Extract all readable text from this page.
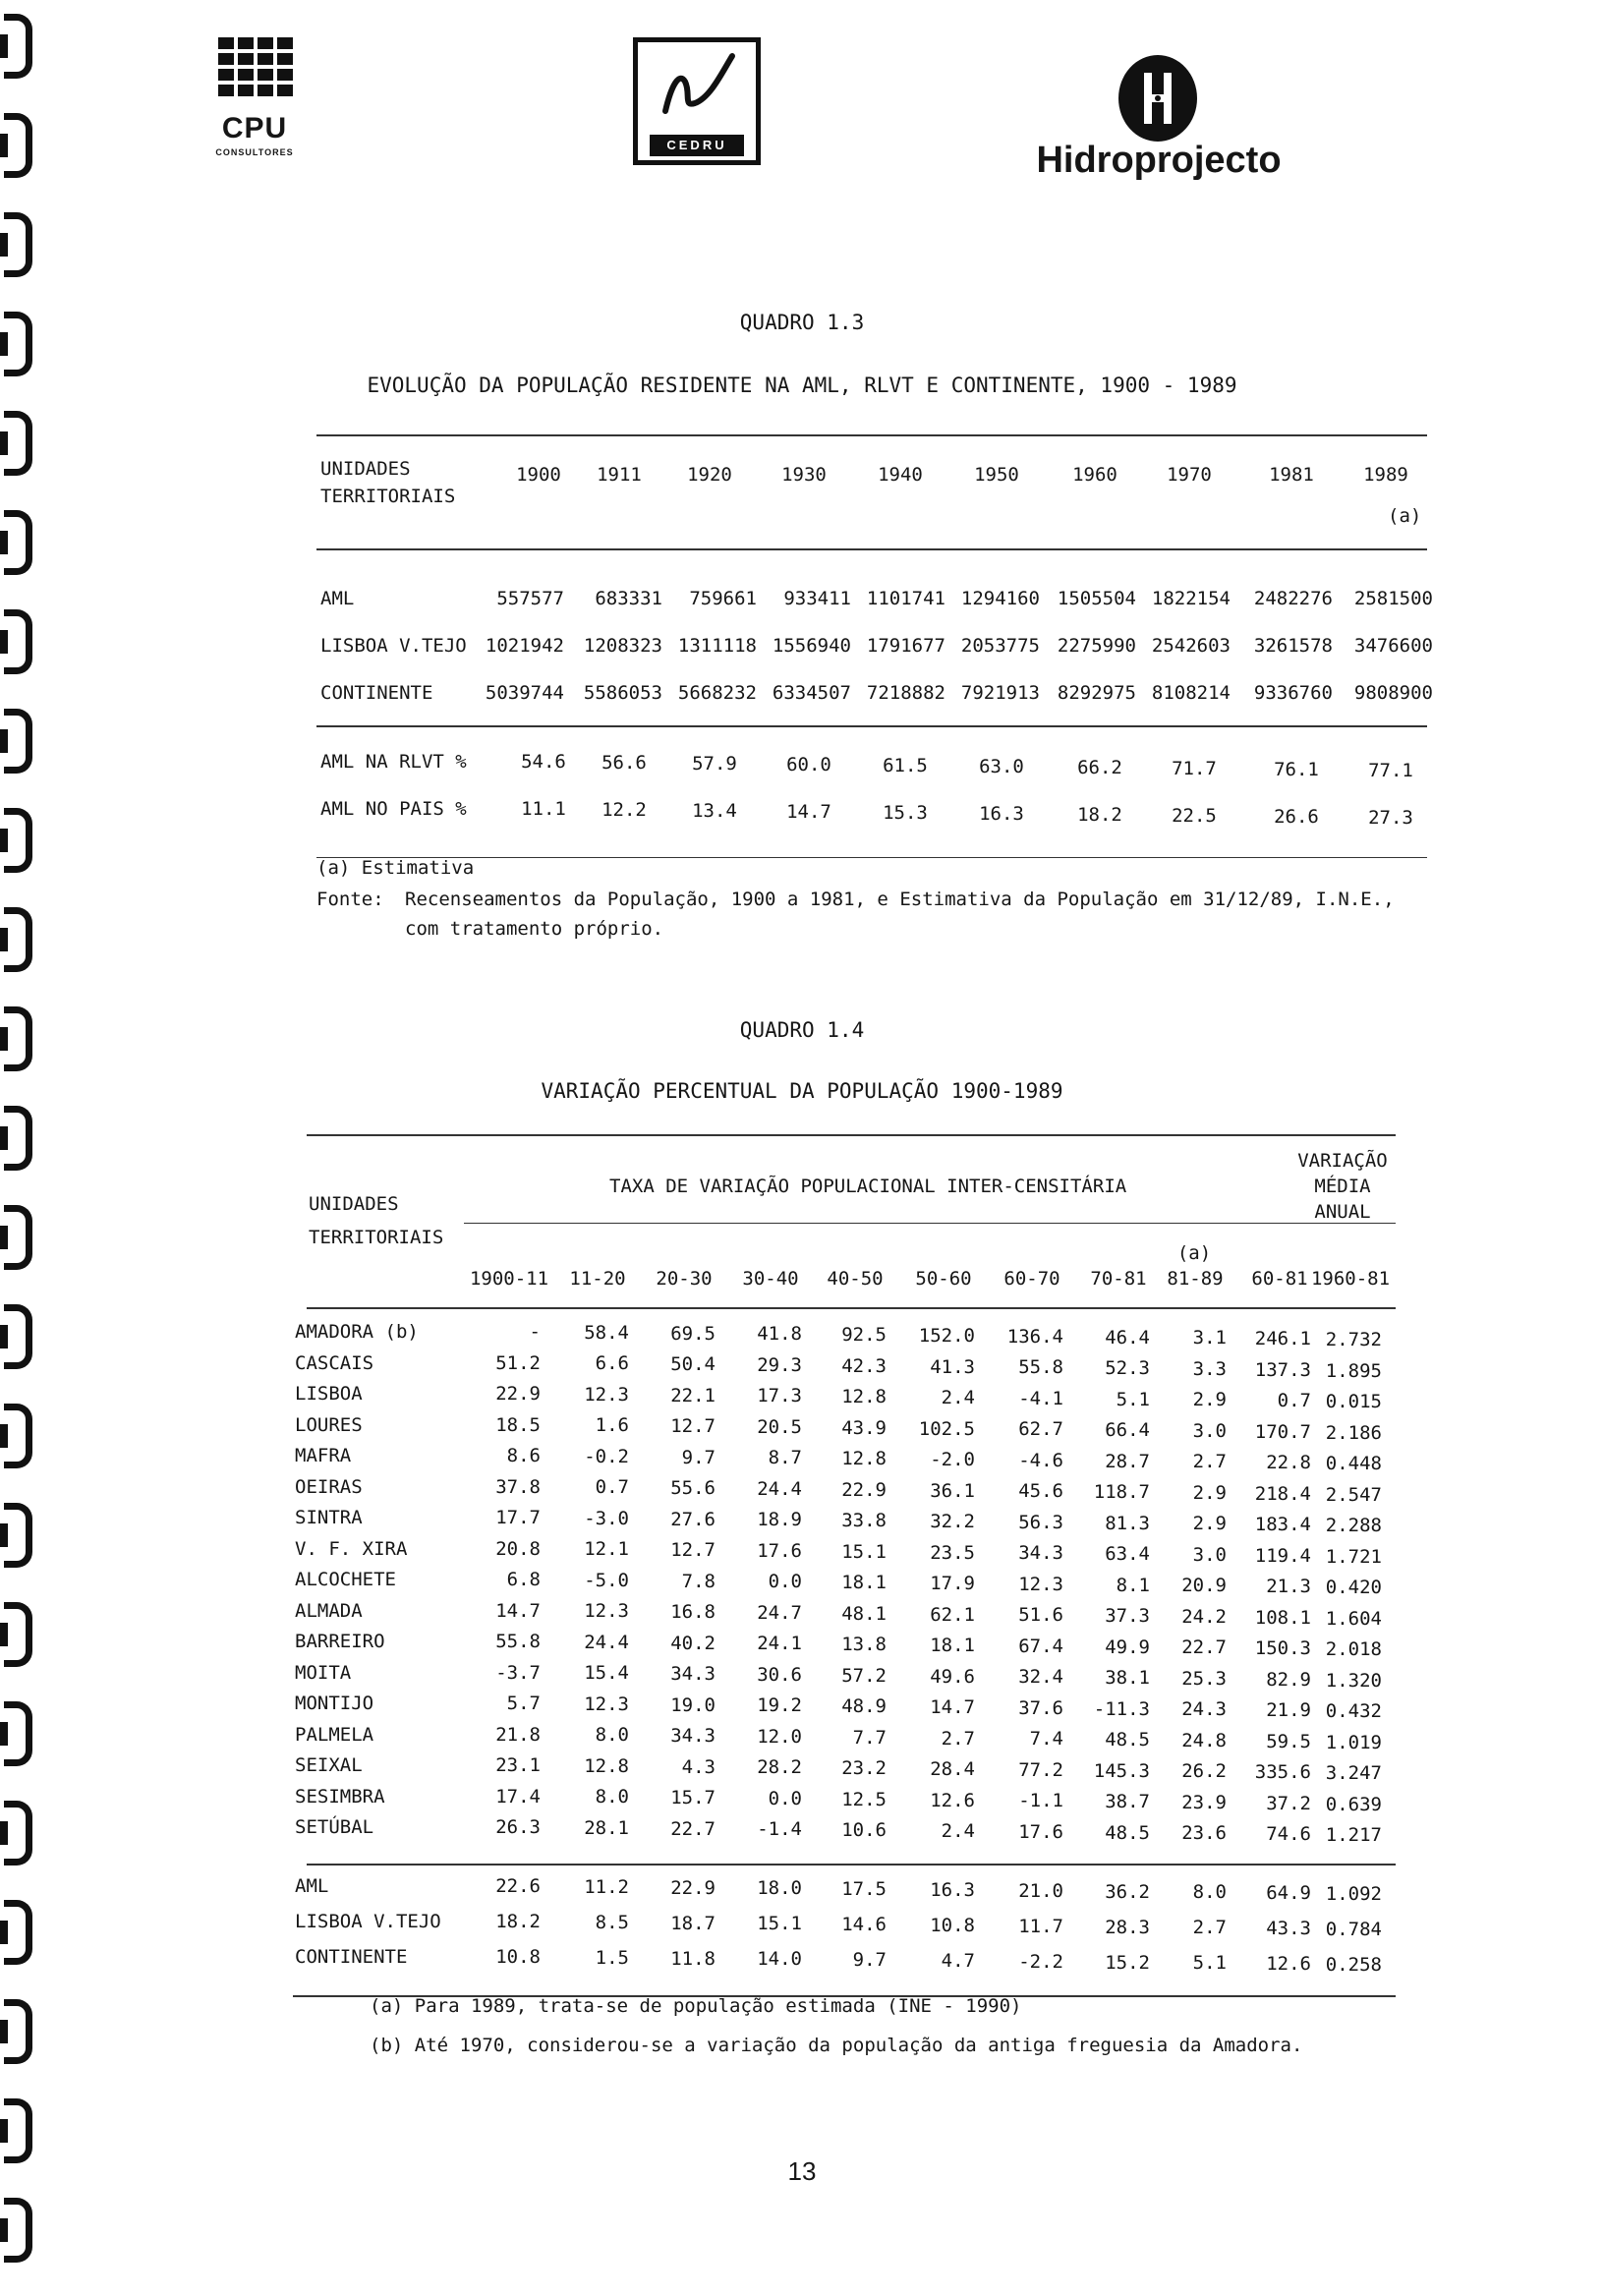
CPU
CONSULTORES	CEDRU	Hidroprojecto
QUADRO 1.3
EVOLUÇÃO DA POPULAÇÃO RESIDENTE NA AML, RLVT E CONTINENTE, 1900 - 1989
UNIDADES
TERRITORIAIS
1900	1911	1920	1930	1940	1950	1960	1970	1981	1989
(a)
AML	557577	683331	759661	933411 1101741 1294160 1505504 1822154	2482276	2581500
LISBOA V.TEJO	1021942	1208323 1311118 1556940 1791677 2053775 2275990 2542603	3261578	3476600
CONTINENTE	5039744	5586053 5668232 6334507 7218882 7921913 8292975 8108214	9336760	9808900
AML NA RLVT %	54.6	56.6	57.9	60.0	61.5	63.0	66.2	71.7	76.1	77.1
AML NO PAIS %	11.1	12.2	13.4	14.7	15.3	16.3	18.2	22.5	26.6	27.3
(a) Estimativa
Fonte: Recenseamentos da População, 1900 a 1981, e Estimativa da População em 31/12/89, I.N.E.,
com tratamento próprio.
QUADRO 1.4
VARIAÇÃO PERCENTUAL DA POPULAÇÃO 1900-1989
TAXA DE VARIAÇÃO POPULACIONAL INTER-CENSITÁRIA
VARIAÇÃO
MÉDIA
ANUAL
UNIDADES
TERRITORIAIS
(a)
1900-11	11-20	20-30	30-40	40-50	50-60	60-70	70-81	81-89	60-81 1960-81
AMADORA (b)	-	58.4	69.5	41.8	92.5	152.0	136.4	46.4	3.1	246.1 2.732
CASCAIS	51.2	6.6	50.4	29.3	42.3	41.3	55.8	52.3	3.3	137.3 1.895
LISBOA	22.9	12.3	22.1	17.3	12.8	2.4	-4.1	5.1	2.9	0.7 0.015
LOURES	18.5	1.6	12.7	20.5	43.9	102.5	62.7	66.4	3.0	170.7 2.186
MAFRA	8.6	-0.2	9.7	8.7	12.8	-2.0	-4.6	28.7	2.7	22.8 0.448
OEIRAS	37.8	0.7	55.6	24.4	22.9	36.1	45.6	118.7	2.9	218.4 2.547
SINTRA	17.7	-3.0	27.6	18.9	33.8	32.2	56.3	81.3	2.9	183.4 2.288
V. F. XIRA	20.8	12.1	12.7	17.6	15.1	23.5	34.3	63.4	3.0	119.4 1.721
ALCOCHETE	6.8	-5.0	7.8	0.0	18.1	17.9	12.3	8.1	20.9	21.3 0.420
ALMADA	14.7	12.3	16.8	24.7	48.1	62.1	51.6	37.3	24.2	108.1 1.604
BARREIRO	55.8	24.4	40.2	24.1	13.8	18.1	67.4	49.9	22.7	150.3 2.018
MOITA	-3.7	15.4	34.3	30.6	57.2	49.6	32.4	38.1	25.3	82.9 1.320
MONTIJO	5.7	12.3	19.0	19.2	48.9	14.7	37.6	-11.3	24.3	21.9 0.432
PALMELA	21.8	8.0	34.3	12.0	7.7	2.7	7.4	48.5	24.8	59.5 1.019
SEIXAL	23.1	12.8	4.3	28.2	23.2	28.4	77.2	145.3	26.2	335.6 3.247
SESIMBRA	17.4	8.0	15.7	0.0	12.5	12.6	-1.1	38.7	23.9	37.2 0.639
SETÚBAL	26.3	28.1	22.7	-1.4	10.6	2.4	17.6	48.5	23.6	74.6 1.217
AML	22.6	11.2	22.9	18.0	17.5	16.3	21.0	36.2	8.0	64.9 1.092
LISBOA V.TEJO	18.2	8.5	18.7	15.1	14.6	10.8	11.7	28.3	2.7	43.3 0.784
CONTINENTE	10.8	1.5	11.8	14.0	9.7	4.7	-2.2	15.2	5.1	12.6 0.258
(a) Para 1989, trata-se de população estimada (INE - 1990)
(b) Até 1970, considerou-se a variação da população da antiga freguesia da Amadora.
13
